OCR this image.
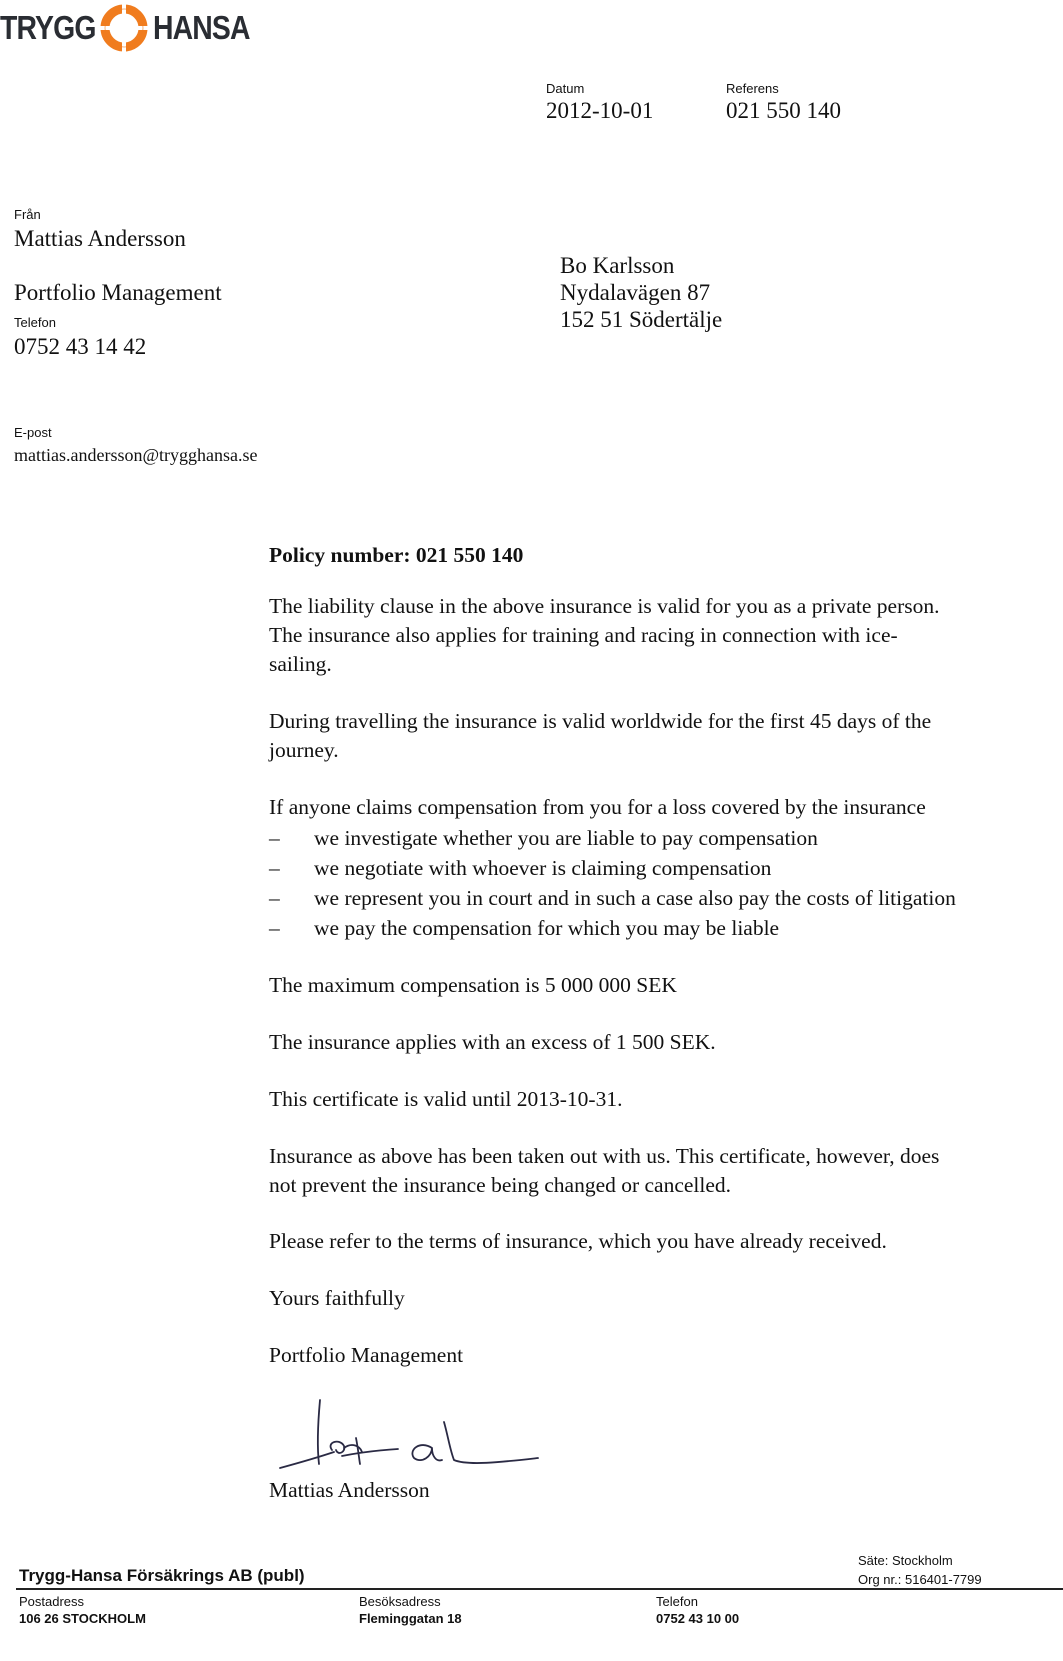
TRYGG HANSA
Datum
2012-10-01
Referens
021 550 140
Från
Mattias Andersson
Portfolio Management
Telefon
0752 43 14 42
E-post
mattias.andersson@trygghansa.se
Bo Karlsson
Nydalavägen 87
152 51 Södertälje
Policy number: 021 550 140

The liability clause in the above insurance is valid for you as a private person.

The insurance also applies for training and racing in connection with ice-

sailing.

During travelling the insurance is valid worldwide for the first 45 days of the

journey.

If anyone claims compensation from you for a loss covered by the insurance

– we investigate whether you are liable to pay compensation
– we negotiate with whoever is claiming compensation
– we represent you in court and in such a case also pay the costs of litigation
– we pay the compensation for which you may be liable

The maximum compensation is 5 000 000 SEK

The insurance applies with an excess of 1 500 SEK.

This certificate is valid until 2013-10-31.

Insurance as above has been taken out with us. This certificate, however, does

not prevent the insurance being changed or cancelled.

Please refer to the terms of insurance, which you have already received.

Yours faithfully

Portfolio Management

Mattias Andersson

Säte: Stockholm
Org nr.: 516401-7799
Trygg-Hansa Försäkrings AB (publ)
Postadress
106 26 STOCKHOLM
Besöksadress
Fleminggatan 18
Telefon
0752 43 10 00
